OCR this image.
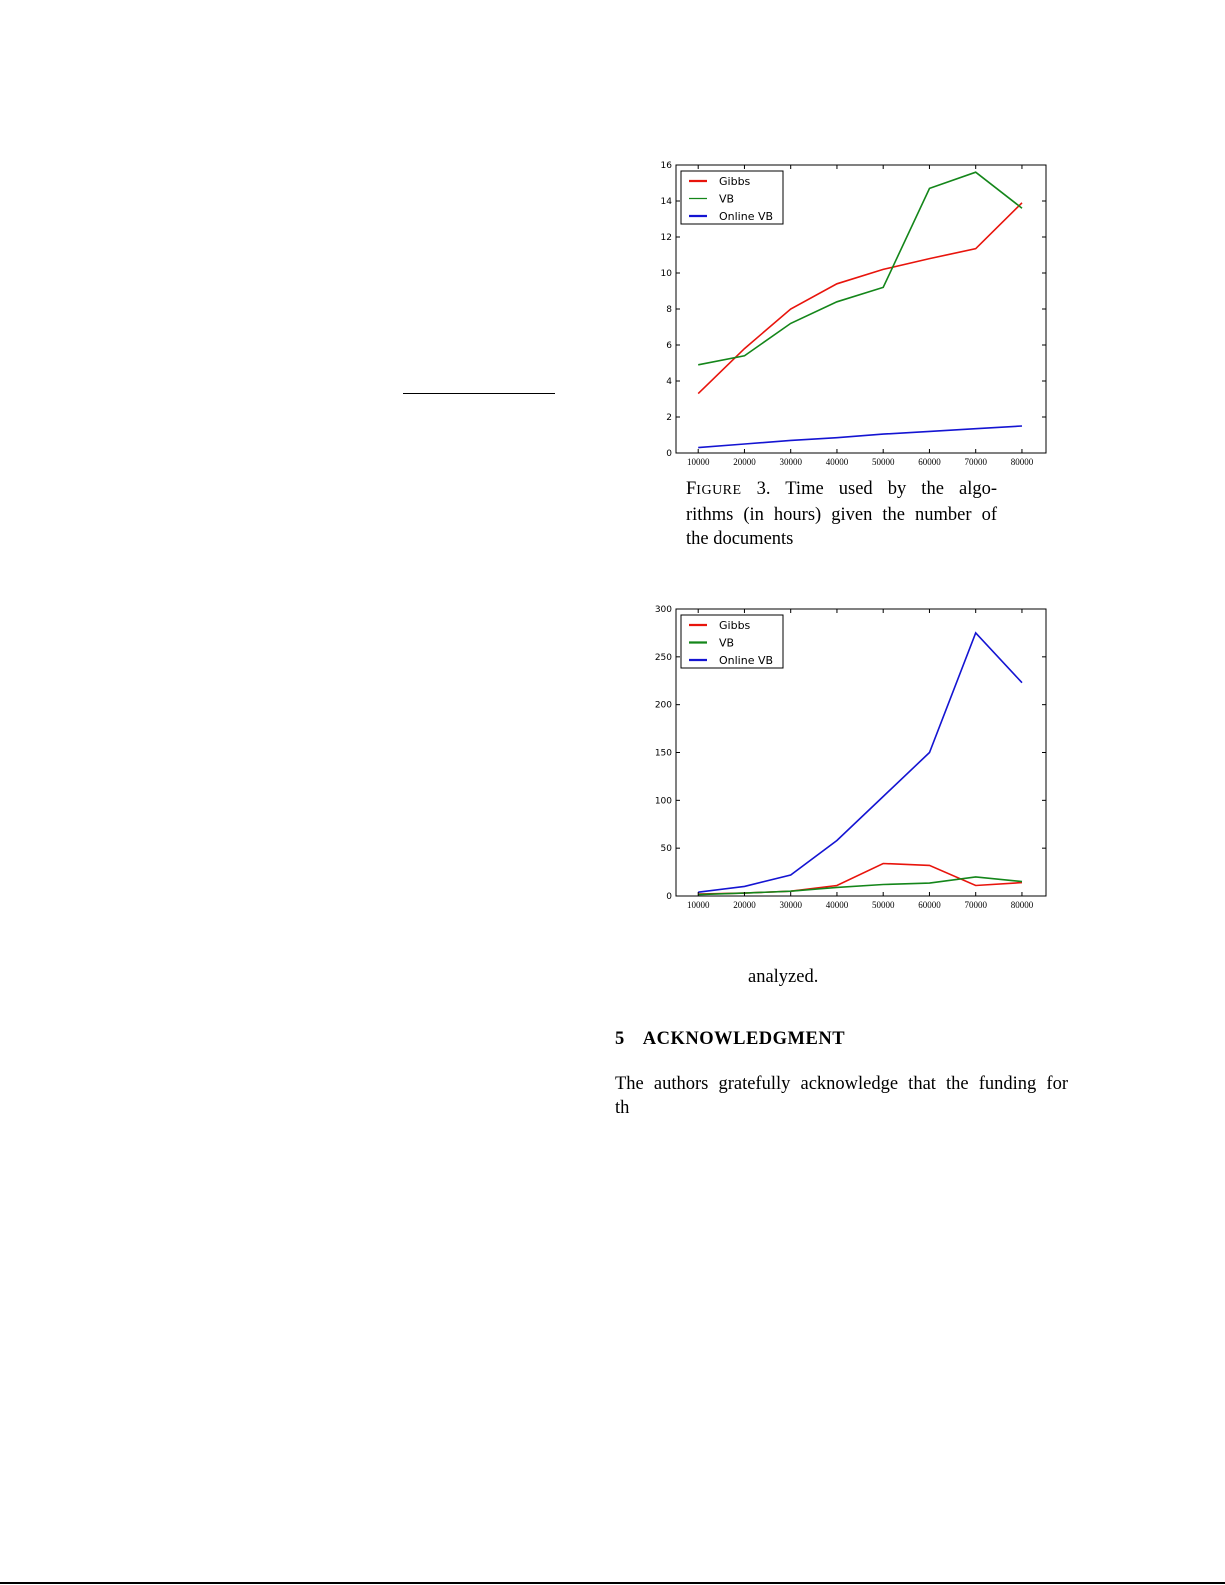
10000	20000	30000	40000	50000	60000	70000	80000
0
2
4
6
8
10
12
14
16
Gibbs
VB
Online VB
FIGURE 3. Time used by the algo-
rithms (in hours) given the number of
the documents
10000	20000	30000	40000	50000	60000	70000	80000
0
50
100
150
200
250
300
Gibbs
VB
Online VB
analyzed.
5 ACKNOWLEDGMENT
The authors gratefully acknowledge that the funding for
th
